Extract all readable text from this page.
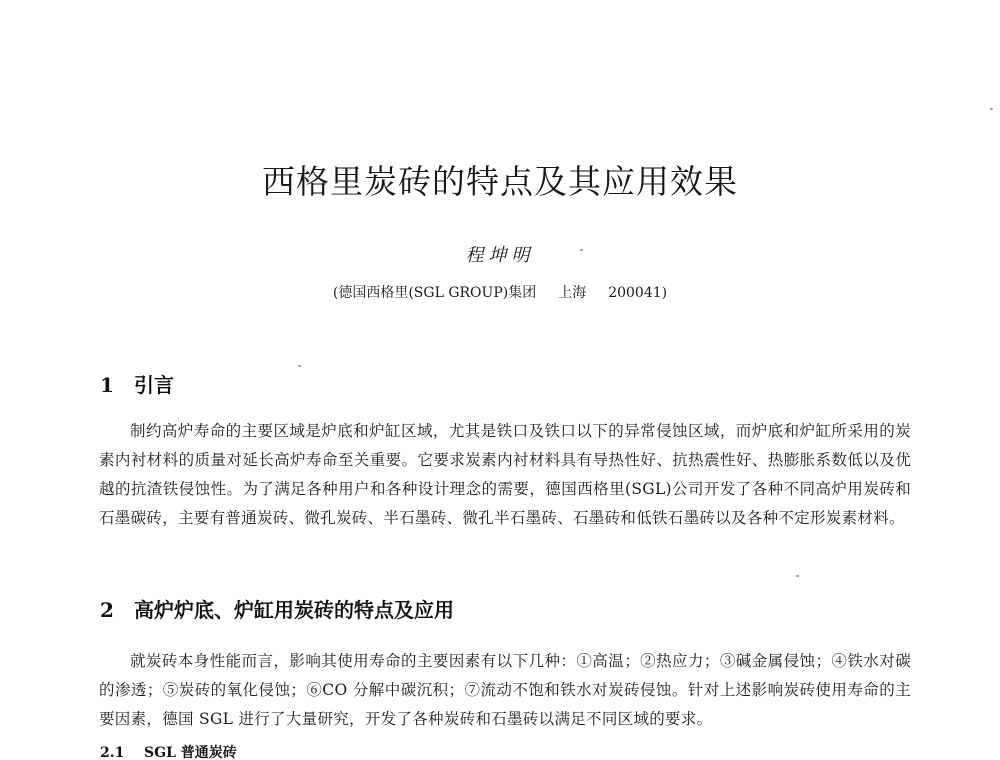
西格里炭砖的特点及其应用效果
程坤明
(德国西格里(SGL GROUP)集团 上海 200041)
1 引言

制约高炉寿命的主要区域是炉底和炉缸区域，尤其是铁口及铁口以下的异常侵蚀区域，而炉底和炉缸所采用的炭素内衬材料的质量对延长高炉寿命至关重要。它要求炭素内衬材料具有导热性好、抗热震性好、热膨胀系数低以及优越的抗渣铁侵蚀性。为了满足各种用户和各种设计理念的需要，德国西格里(SGL)公司开发了各种不同高炉用炭砖和石墨碳砖，主要有普通炭砖、微孔炭砖、半石墨砖、微孔半石墨砖、石墨砖和低铁石墨砖以及各种不定形炭素材料。

2 高炉炉底、炉缸用炭砖的特点及应用

就炭砖本身性能而言，影响其使用寿命的主要因素有以下几种：①高温；②热应力；③碱金属侵蚀；④铁水对碳的渗透；⑤炭砖的氧化侵蚀；⑥CO 分解中碳沉积；⑦流动不饱和铁水对炭砖侵蚀。针对上述影响炭砖使用寿命的主要因素，德国 SGL 进行了大量研究，开发了各种炭砖和石墨砖以满足不同区域的要求。

2.1 SGL 普通炭砖
